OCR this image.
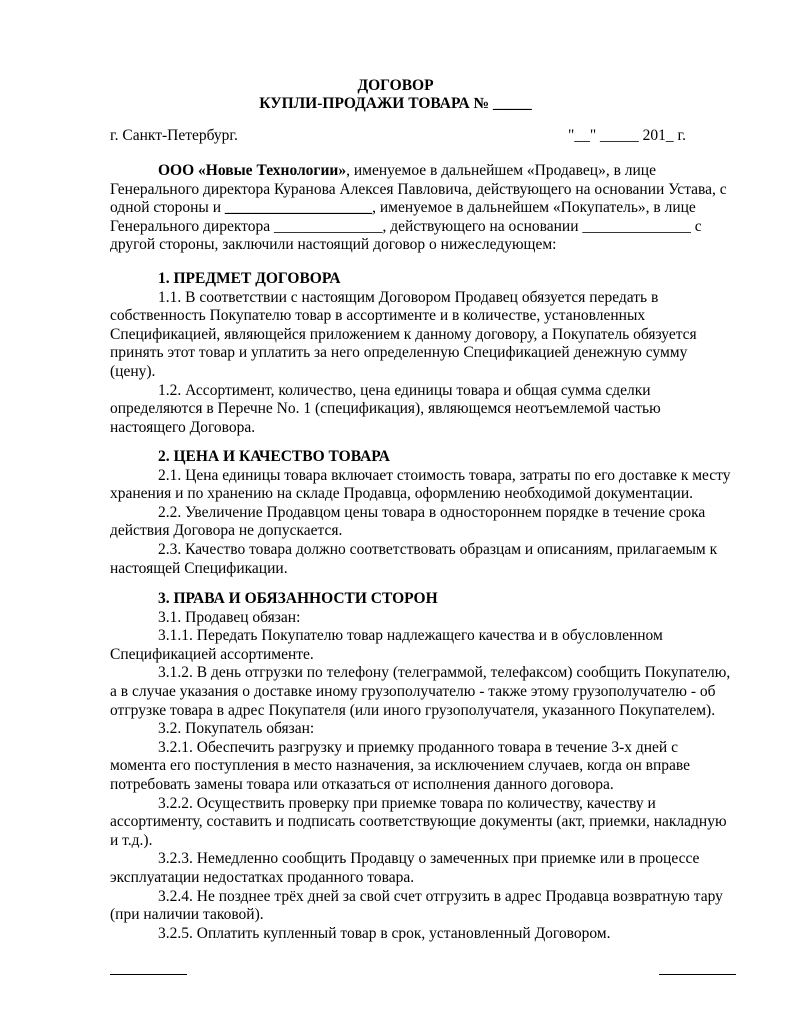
ДОГОВОР
КУПЛИ-ПРОДАЖИ ТОВАРА № _____
г. Санкт-Петербург.	"__" _____ 201_ г.

ООО «Новые Технологии», именуемое в дальнейшем «Продавец», в лице

Генерального директора Куранова Алексея Павловича, действующего на основании Устава, с

одной стороны и ___________________, именуемое в дальнейшем «Покупатель», в лице

Генерального директора ______________, действующего на основании ______________ с

другой стороны, заключили настоящий договор о нижеследующем:

1. ПРЕДМЕТ ДОГОВОРА

1.1. В соответствии с настоящим Договором Продавец обязуется передать в

собственность Покупателю товар в ассортименте и в количестве, установленных

Спецификацией, являющейся приложением к данному договору, а Покупатель обязуется

принять этот товар и уплатить за него определенную Спецификацией денежную сумму

(цену).

1.2. Ассортимент, количество, цена единицы товара и общая сумма сделки

определяются в Перечне No. 1 (спецификация), являющемся неотъемлемой частью

настоящего Договора.

2. ЦЕНА И КАЧЕСТВО ТОВАРА

2.1. Цена единицы товара включает стоимость товара, затраты по его доставке к месту

хранения и по хранению на складе Продавца, оформлению необходимой документации.

2.2. Увеличение Продавцом цены товара в одностороннем порядке в течение срока

действия Договора не допускается.

2.3. Качество товара должно соответствовать образцам и описаниям, прилагаемым к

настоящей Спецификации.

3. ПРАВА И ОБЯЗАННОСТИ СТОРОН

3.1. Продавец обязан:

3.1.1. Передать Покупателю товар надлежащего качества и в обусловленном

Спецификацией ассортименте.

3.1.2. В день отгрузки по телефону (телеграммой, телефаксом) сообщить Покупателю,

а в случае указания о доставке иному грузополучателю - также этому грузополучателю - об

отгрузке товара в адрес Покупателя (или иного грузополучателя, указанного Покупателем).

3.2. Покупатель обязан:

3.2.1. Обеспечить разгрузку и приемку проданного товара в течение 3-х дней с

момента его поступления в место назначения, за исключением случаев, когда он вправе

потребовать замены товара или отказаться от исполнения данного договора.

3.2.2. Осуществить проверку при приемке товара по количеству, качеству и

ассортименту, составить и подписать соответствующие документы (акт, приемки, накладную

и т.д.).

3.2.3. Немедленно сообщить Продавцу о замеченных при приемке или в процессе

эксплуатации недостатках проданного товара.

3.2.4. Не позднее трёх дней за свой счет отгрузить в адрес Продавца возвратную тару

(при наличии таковой).

3.2.5. Оплатить купленный товар в срок, установленный Договором.
